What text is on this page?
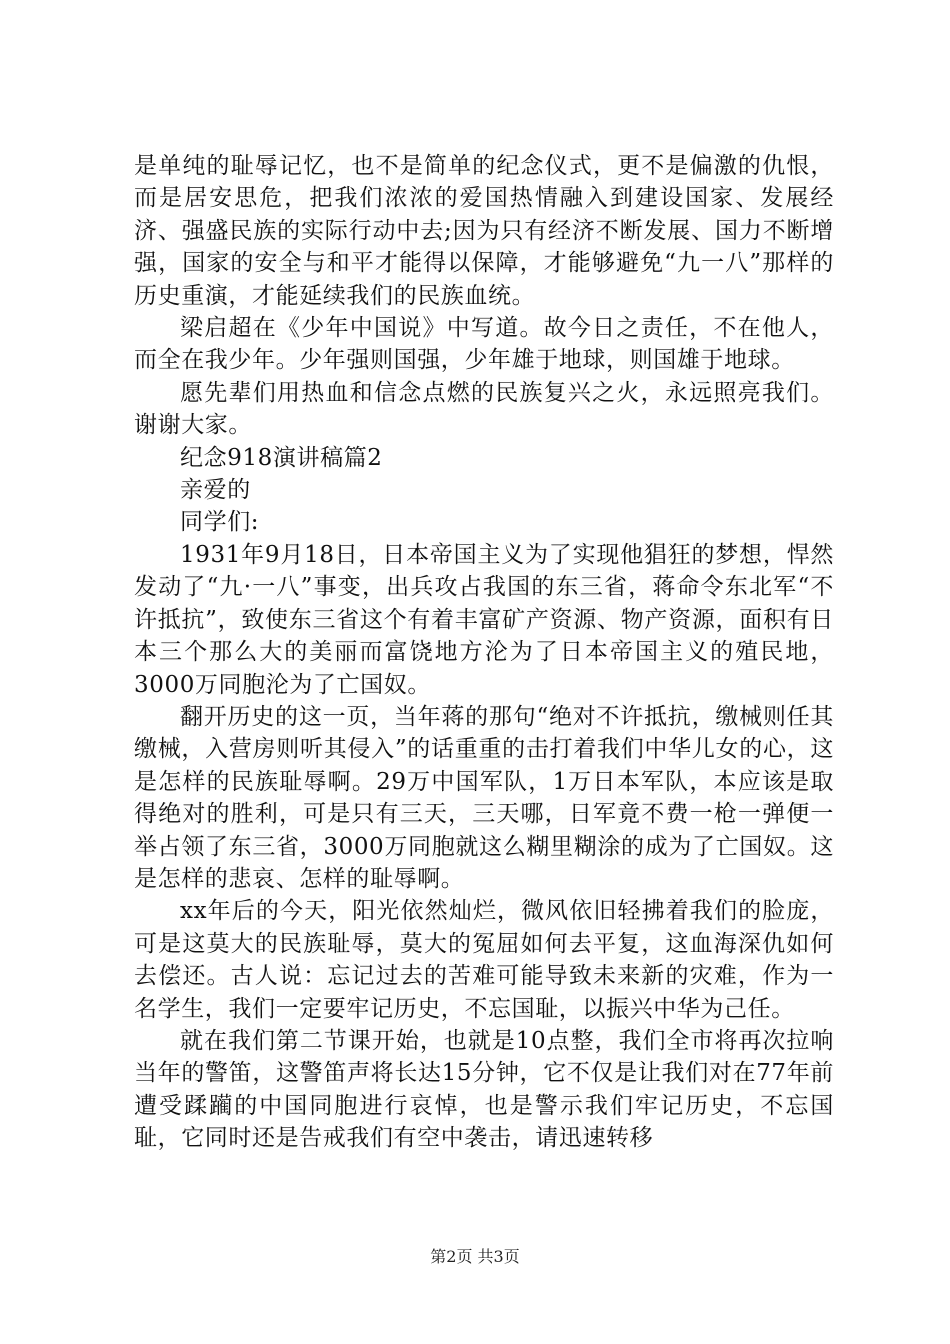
是单纯的耻辱记忆，也不是简单的纪念仪式，更不是偏激的仇恨，而是居安思危，把我们浓浓的爱国热情融入到建设国家、发展经济、强盛民族的实际行动中去;因为只有经济不断发展、国力不断增强，国家的安全与和平才能得以保障，才能够避免“九一八”那样的历史重演，才能延续我们的民族血统。

梁启超在《少年中国说》中写道。故今日之责任，不在他人，而全在我少年。少年强则国强，少年雄于地球，则国雄于地球。

愿先辈们用热血和信念点燃的民族复兴之火，永远照亮我们。谢谢大家。

纪念918演讲稿篇2

亲爱的

同学们:

1931年9月18日，日本帝国主义为了实现他猖狂的梦想，悍然发动了“九·一八”事变，出兵攻占我国的东三省，蒋命令东北军“不许抵抗”，致使东三省这个有着丰富矿产资源、物产资源，面积有日本三个那么大的美丽而富饶地方沦为了日本帝国主义的殖民地，3000万同胞沦为了亡国奴。

翻开历史的这一页，当年蒋的那句“绝对不许抵抗，缴械则任其缴械，入营房则听其侵入”的话重重的击打着我们中华儿女的心，这是怎样的民族耻辱啊。29万中国军队，1万日本军队，本应该是取得绝对的胜利，可是只有三天，三天哪，日军竟不费一枪一弹便一举占领了东三省，3000万同胞就这么糊里糊涂的成为了亡国奴。这是怎样的悲哀、怎样的耻辱啊。

xx年后的今天，阳光依然灿烂，微风依旧轻拂着我们的脸庞，可是这莫大的民族耻辱，莫大的冤屈如何去平复，这血海深仇如何去偿还。古人说：忘记过去的苦难可能导致未来新的灾难，作为一名学生，我们一定要牢记历史，不忘国耻，以振兴中华为己任。

就在我们第二节课开始，也就是10点整，我们全市将再次拉响当年的警笛，这警笛声将长达15分钟，它不仅是让我们对在77年前遭受蹂躏的中国同胞进行哀悼，也是警示我们牢记历史，不忘国耻，它同时还是告戒我们有空中袭击，请迅速转移

第2页 共3页
